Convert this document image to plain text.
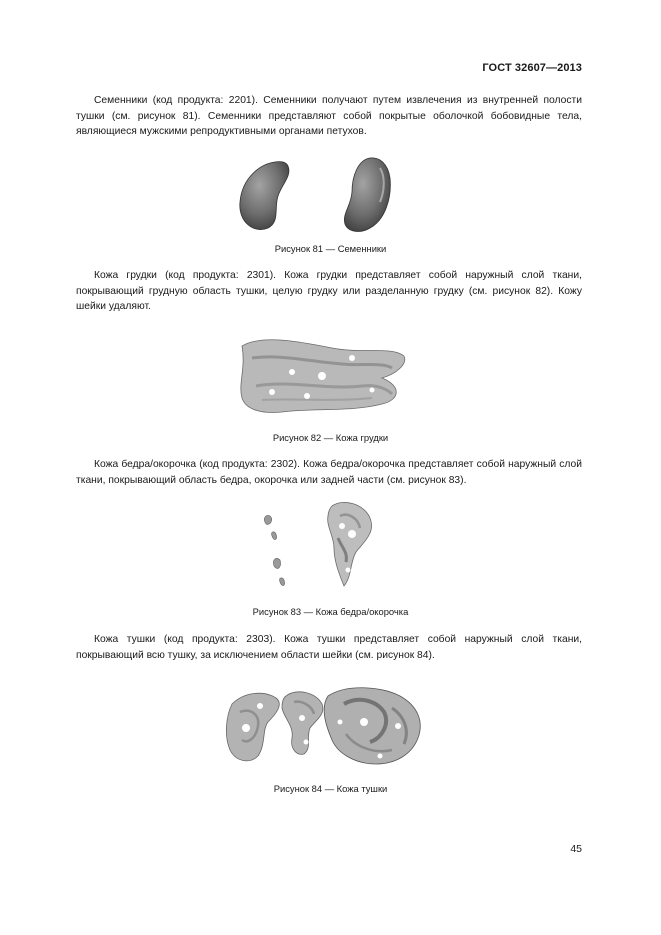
ГОСТ 32607—2013

Семенники (код продукта: 2201). Семенники получают путем извлечения из внутренней полости тушки (см. рисунок 81). Семенники представляют собой покрытые оболочкой бобовидные тела, являющиеся мужскими репродуктивными органами петухов.

Рисунок 81 — Семенники

Кожа грудки (код продукта: 2301). Кожа грудки представляет собой наружный слой ткани, покрывающий грудную область тушки, целую грудку или разделанную грудку (см. рисунок 82). Кожу шейки удаляют.

Рисунок 82 — Кожа грудки

Кожа бедра/окорочка (код продукта: 2302). Кожа бедра/окорочка представляет собой наружный слой ткани, покрывающий область бедра, окорочка или задней части (см. рисунок 83).

Рисунок 83 — Кожа бедра/окорочка

Кожа тушки (код продукта: 2303). Кожа тушки представляет собой наружный слой ткани, покрывающий всю тушку, за исключением области шейки (см. рисунок 84).

Рисунок 84 — Кожа тушки
45
